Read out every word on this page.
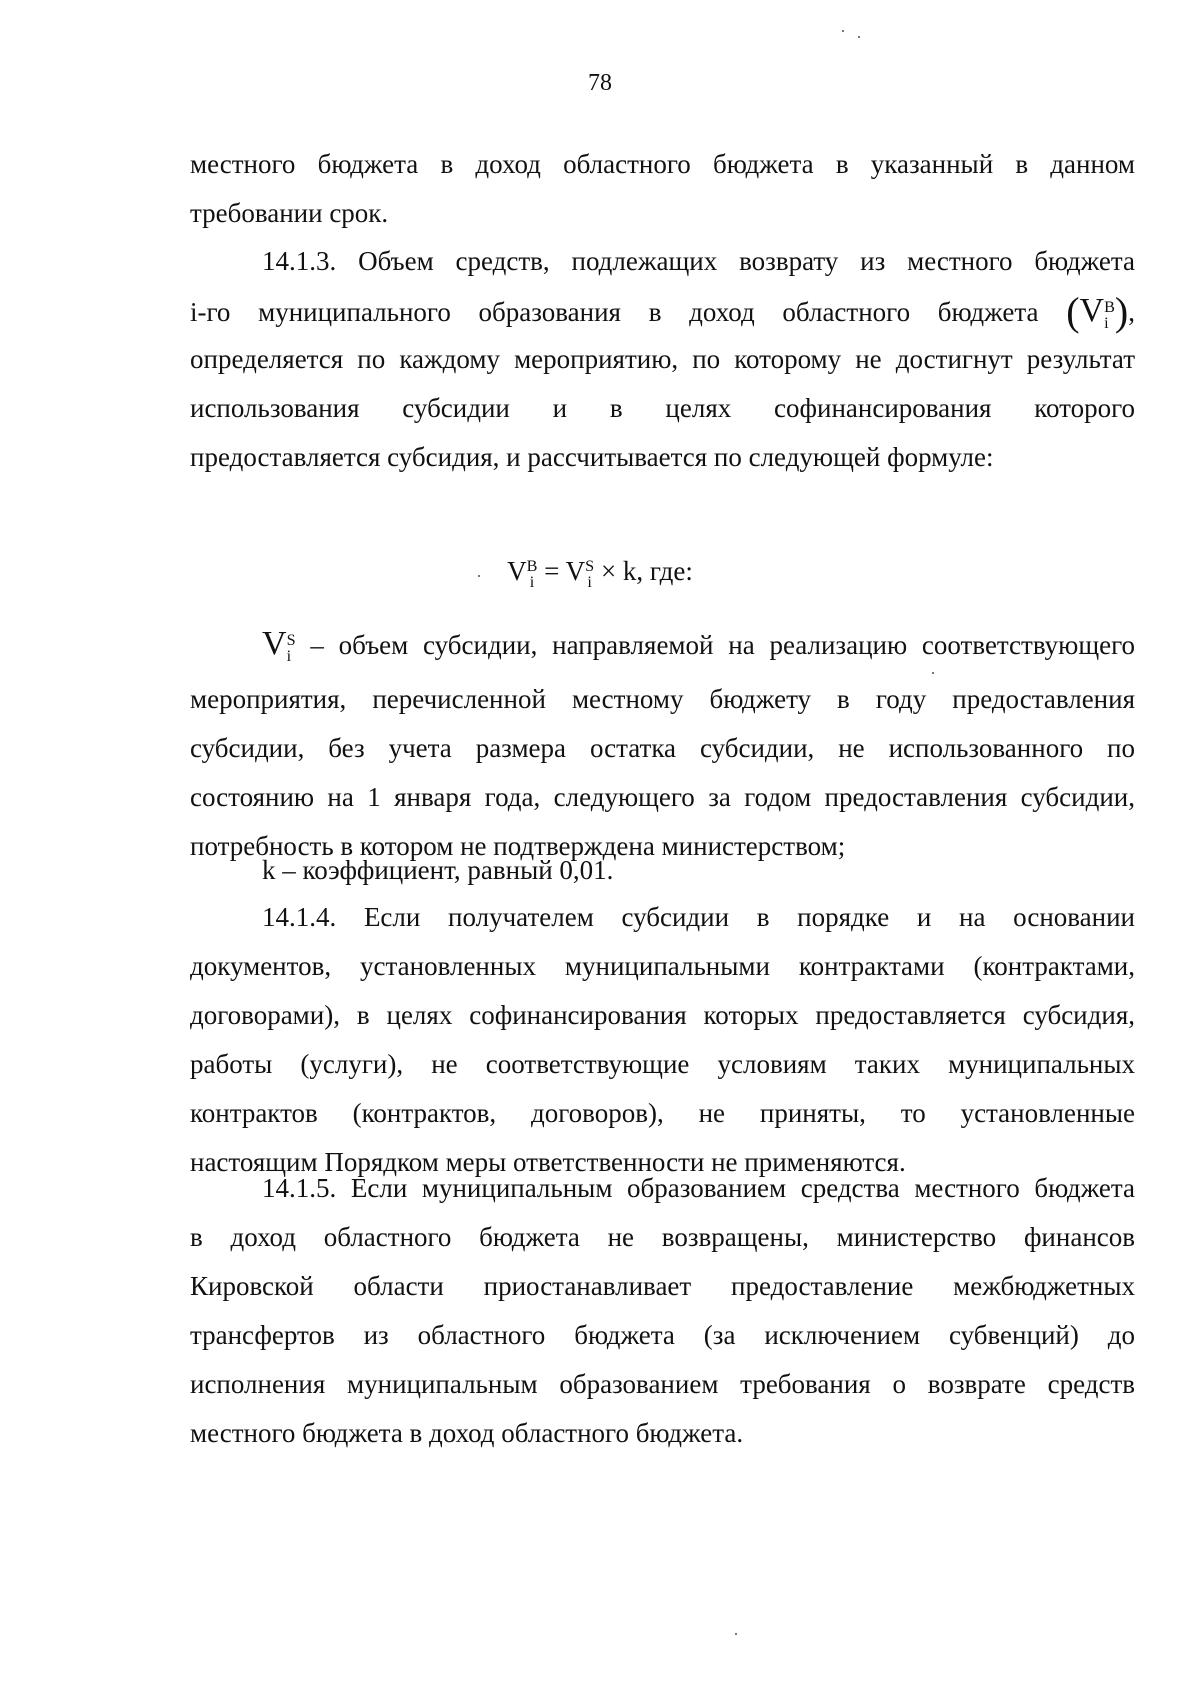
78
местного бюджета в доход областного бюджета в указанный в данном
требовании срок.
14.1.3. Объем средств, подлежащих возврату из местного бюджета
i-го муниципального образования в доход областного бюджета (V B
i ),
определяется по каждому мероприятию, по которому не достигнут результат
использования субсидии и в целях софинансирования которого
предоставляется субсидия, и рассчитывается по следующей формуле:
V B
i = V S
i × k, где:
V S
i – объем субсидии, направляемой на реализацию соответствующего
мероприятия, перечисленной местному бюджету в году предоставления
субсидии, без учета размера остатка субсидии, не использованного по
состоянию на 1 января года, следующего за годом предоставления субсидии,
потребность в котором не подтверждена министерством;
k – коэффициент, равный 0,01.
14.1.4. Если получателем субсидии в порядке и на основании
документов, установленных муниципальными контрактами (контрактами,
договорами), в целях софинансирования которых предоставляется субсидия,
работы (услуги), не соответствующие условиям таких муниципальных
контрактов (контрактов, договоров), не приняты, то установленные
настоящим Порядком меры ответственности не применяются.
14.1.5. Если муниципальным образованием средства местного бюджета
в доход областного бюджета не возвращены, министерство финансов
Кировской области приостанавливает предоставление межбюджетных
трансфертов из областного бюджета (за исключением субвенций) до
исполнения муниципальным образованием требования о возврате средств
местного бюджета в доход областного бюджета.
